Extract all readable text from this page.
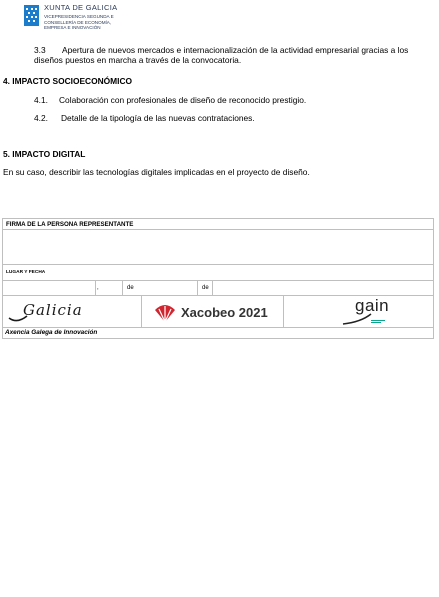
XUNTA DE GALICIA
VICEPRESIDENCIA SEGUNDA E
CONSELLERÍA DE ECONOMÍA,
EMPRESA E INNOVACIÓN
3.3	Apertura de nuevos mercados e internacionalización de la actividad empresarial gracias a los
diseños puestos en marcha a través de la convocatoria.
4. IMPACTO SOCIOECONÓMICO
4.1.	Colaboración con profesionales de diseño de reconocido prestigio.
4.2.	Detalle de la tipología de las nuevas contrataciones.
5. IMPACTO DIGITAL
En su caso, describir las tecnologías digitales implicadas en el proyecto de diseño.
FIRMA DE LA PERSONA REPRESENTANTE
LUGAR Y FECHA
,	de	de
Galicia	Xacobeo 2021	gain
Axencia Galega de Innovación
